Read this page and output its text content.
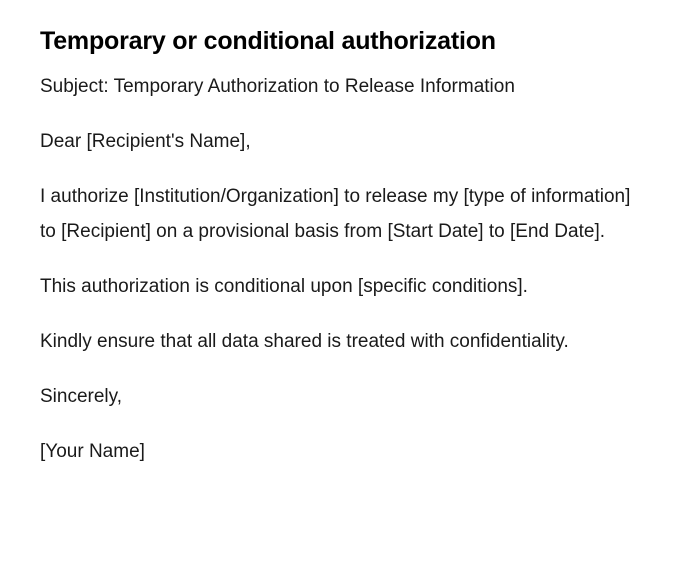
Temporary or conditional authorization

Subject: Temporary Authorization to Release Information

Dear [Recipient's Name],

I authorize [Institution/Organization] to release my [type of information] to [Recipient] on a provisional basis from [Start Date] to [End Date].

This authorization is conditional upon [specific conditions].

Kindly ensure that all data shared is treated with confidentiality.

Sincerely,

[Your Name]
